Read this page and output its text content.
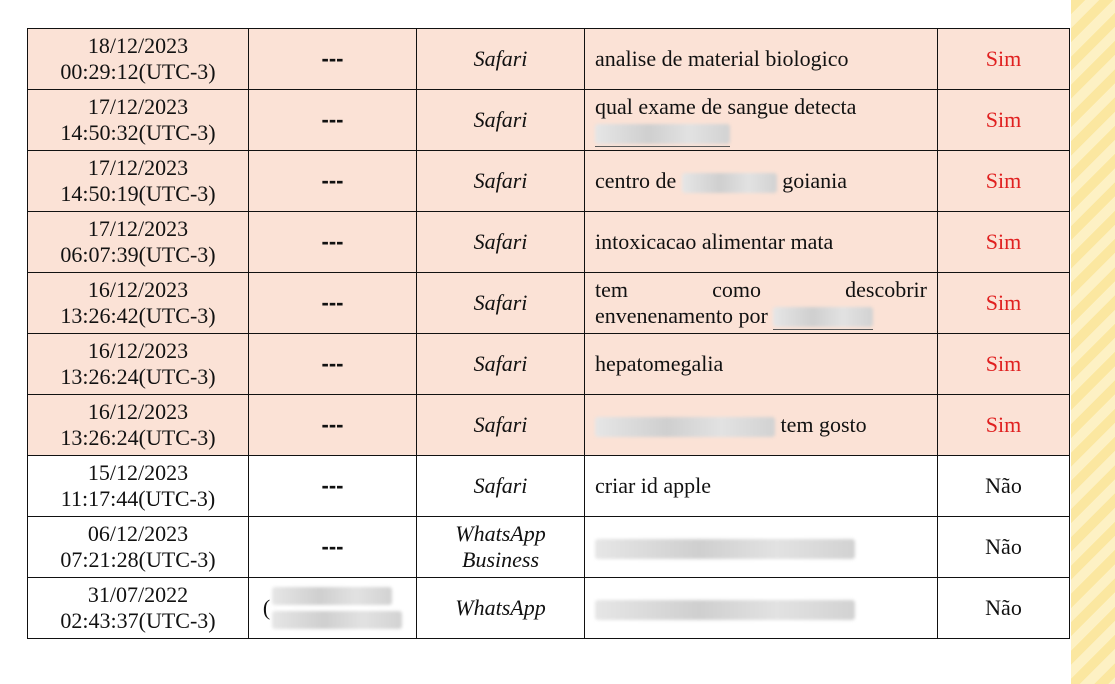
18/12/2023
00:29:12(UTC-3)	---	Safari	analise de material biologico	Sim

17/12/2023
14:50:32(UTC-3)	---	Safari	qual exame de sangue detecta	Sim

17/12/2023
14:50:19(UTC-3)	---	Safari	centro de goiania	Sim

17/12/2023
06:07:39(UTC-3)	---	Safari	intoxicacao alimentar mata	Sim

16/12/2023
13:26:42(UTC-3)	---	Safari	tem como descobrir
envenenamento por	Sim

16/12/2023
13:26:24(UTC-3)	---	Safari	hepatomegalia	Sim

16/12/2023
13:26:24(UTC-3)	---	Safari	tem gosto	Sim

15/12/2023
11:17:44(UTC-3)	---	Safari	criar id apple	Não

06/12/2023
07:21:28(UTC-3)	---	WhatsApp
Business		Não

31/07/2022
02:43:37(UTC-3)	(	WhatsApp		Não
